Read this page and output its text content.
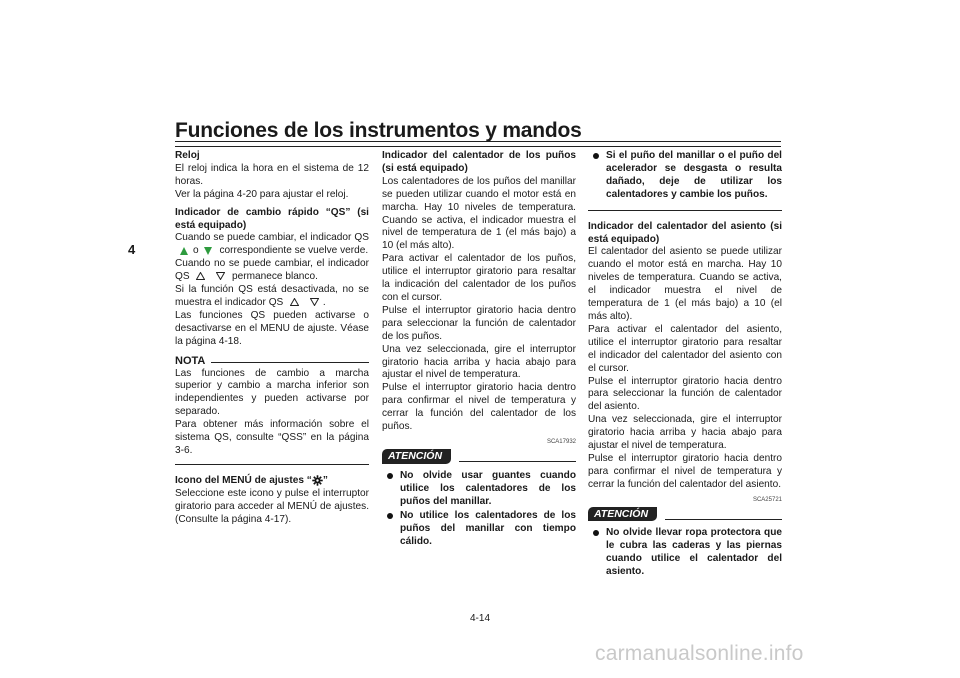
Funciones de los instrumentos y mandos
4

Reloj

El reloj indica la hora en el sistema de 12 horas.

Ver la página 4-20 para ajustar el reloj.

Indicador de cambio rápido “QS” (si está equipado)

Cuando se puede cambiar, el indicador QS o correspondiente se vuelve verde.

Cuando no se puede cambiar, el indicador QS	permanece blanco.

Si la función QS está desactivada, no se muestra el indicador QS	.

Las funciones QS pueden activarse o desactivarse en el MENU de ajuste. Véase la página 4-18.

NOTA

Las funciones de cambio a marcha superior y cambio a marcha inferior son independientes y pueden activarse por separado.

Para obtener más información sobre el sistema QS, consulte “QSS” en la página 3-6.

Icono del MENÚ de ajustes “ ”

Seleccione este icono y pulse el interruptor giratorio para acceder al MENÚ de ajustes. (Consulte la página 4-17).

Indicador del calentador de los puños (si está equipado)

Los calentadores de los puños del manillar se pueden utilizar cuando el motor está en marcha. Hay 10 niveles de temperatura. Cuando se activa, el indicador muestra el nivel de temperatura de 1 (el más bajo) a 10 (el más alto).

Para activar el calentador de los puños, utilice el interruptor giratorio para resaltar la indicación del calentador de los puños con el cursor.

Pulse el interruptor giratorio hacia dentro para seleccionar la función de calentador de los puños.

Una vez seleccionada, gire el interruptor giratorio hacia arriba y hacia abajo para ajustar el nivel de temperatura.

Pulse el interruptor giratorio hacia dentro para confirmar el nivel de temperatura y cerrar la función del calentador de los puños.

SCA17932
ATENCIÓN
No olvide usar guantes cuando utilice los calentadores de los puños del manillar.
No utilice los calentadores de los puños del manillar con tiempo cálido.
Si el puño del manillar o el puño del acelerador se desgasta o resulta dañado, deje de utilizar los calentadores y cambie los puños.

Indicador del calentador del asiento (si está equipado)

El calentador del asiento se puede utilizar cuando el motor está en marcha. Hay 10 niveles de temperatura. Cuando se activa, el indicador muestra el nivel de temperatura de 1 (el más bajo) a 10 (el más alto).

Para activar el calentador del asiento, utilice el interruptor giratorio para resaltar el indicador del calentador del asiento con el cursor.

Pulse el interruptor giratorio hacia dentro para seleccionar la función de calentador del asiento.

Una vez seleccionada, gire el interruptor giratorio hacia arriba y hacia abajo para ajustar el nivel de temperatura.

Pulse el interruptor giratorio hacia dentro para confirmar el nivel de temperatura y cerrar la función del calentador del asiento.

SCA25721
ATENCIÓN
No olvide llevar ropa protectora que le cubra las caderas y las piernas cuando utilice el calentador del asiento.
4-14
carmanualsonline.info
